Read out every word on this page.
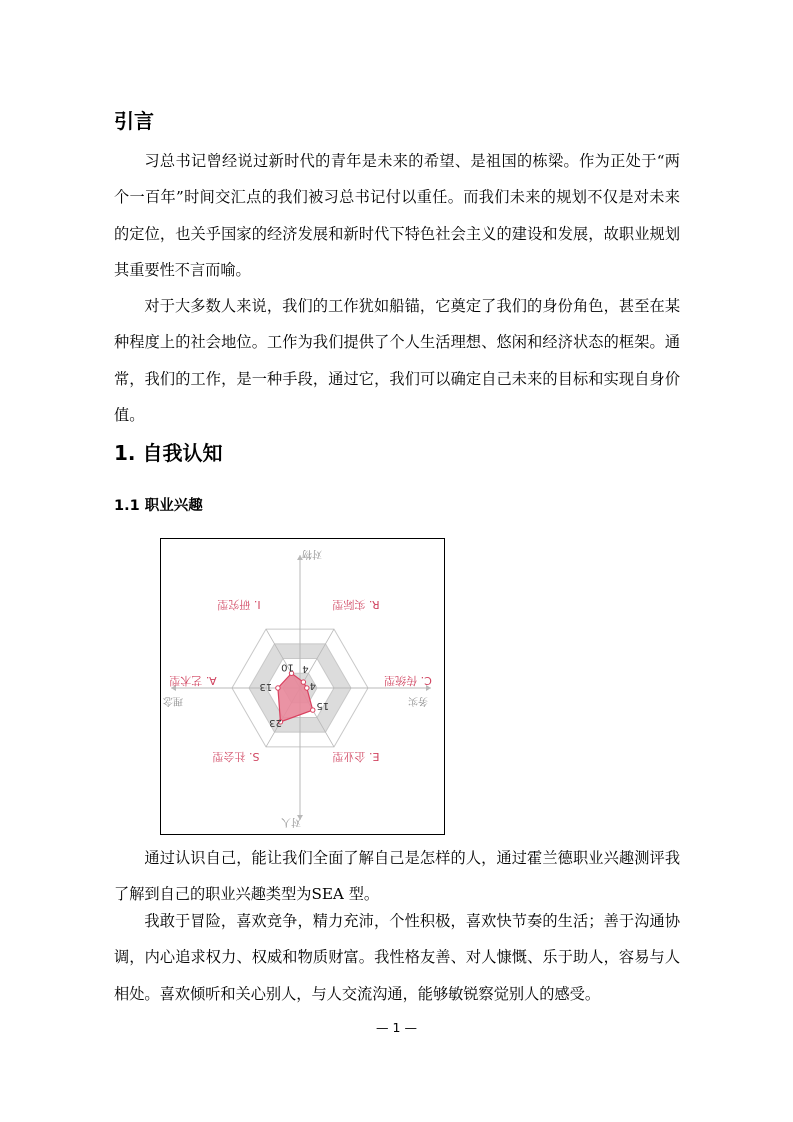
引言

习总书记曾经说过新时代的青年是未来的希望、是祖国的栋梁。作为正处于“两个一百年”时间交汇点的我们被习总书记付以重任。而我们未来的规划不仅是对未来的定位，也关乎国家的经济发展和新时代下特色社会主义的建设和发展，故职业规划其重要性不言而喻。

对于大多数人来说，我们的工作犹如船锚，它奠定了我们的身份角色，甚至在某种程度上的社会地位。工作为我们提供了个人生活理想、悠闲和经济状态的框架。通常，我们的工作，是一种手段，通过它，我们可以确定自己未来的目标和实现自身价值。

1. 自我认知
1.1 职业兴趣
4
4
15
23
13
10
R. 实际型
C. 传统型
E. 企业型
S. 社会型
A. 艺术型
I. 研究型
对物
对人
理念	务实

通过认识自己，能让我们全面了解自己是怎样的人，通过霍兰德职业兴趣测评我了解到自己的职业兴趣类型为SEA 型。

我敢于冒险，喜欢竞争，精力充沛，个性积极，喜欢快节奏的生活；善于沟通协调，内心追求权力、权威和物质财富。我性格友善、对人慷慨、乐于助人，容易与人相处。喜欢倾听和关心别人，与人交流沟通，能够敏锐察觉别人的感受。

— 1 —
